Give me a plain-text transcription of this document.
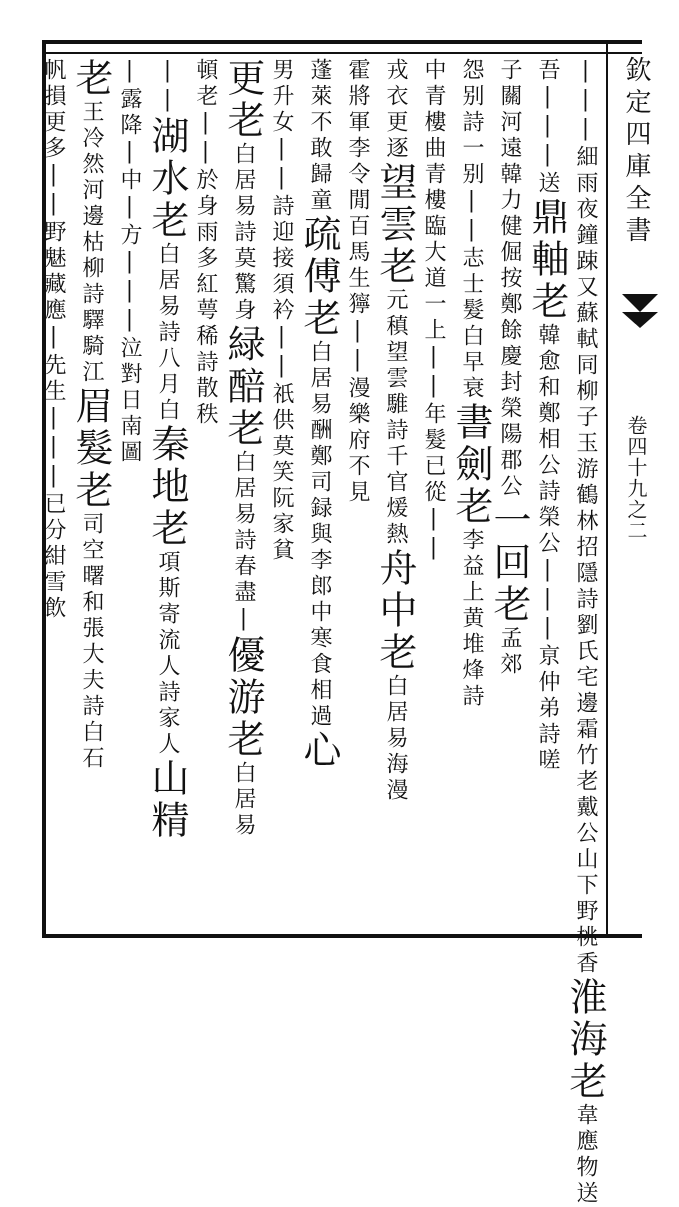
欽定四庫全書
卷四十九之二
|||細雨夜鐘踈又蘇軾同柳子玉游鶴林招隱詩劉氏宅邊霜竹老戴公山下野桃香淮海老韋應物送
吾|||送鼎軸老韓愈和鄭相公詩榮公|||亰仲弟詩嗟
子關河遠韓力健倔按鄭餘慶封榮陽郡公一回老孟郊
怨别詩一别||志士髮白早衰書劍老李益上黄堆烽詩
中青樓曲青樓臨大道一上||年髮已從||
戎衣更逐望雲老元稹望雲騅詩千官煖熱舟中老白居易海漫
霍將軍李令閒百馬生獰||漫樂府不見
蓬萊不敢歸童疏傅老白居易酬鄭司録與李郎中寒食相過心
男升女||詩迎接須衿||祇供莫笑阮家貧
更老白居易詩莫驚身緑醅老白居易詩春盡|優游老白居易
頓老||於身雨多紅萼稀詩散秩
||湖水老白居易詩八月白秦地老項斯寄流人詩家人山精
|露降|中|方|||泣對日南圖
老王冷然河邊枯柳詩驛騎江眉髮老司空曙和張大夫詩白石
帆損更多||野魅藏應|先生|||已分紺雪飲
